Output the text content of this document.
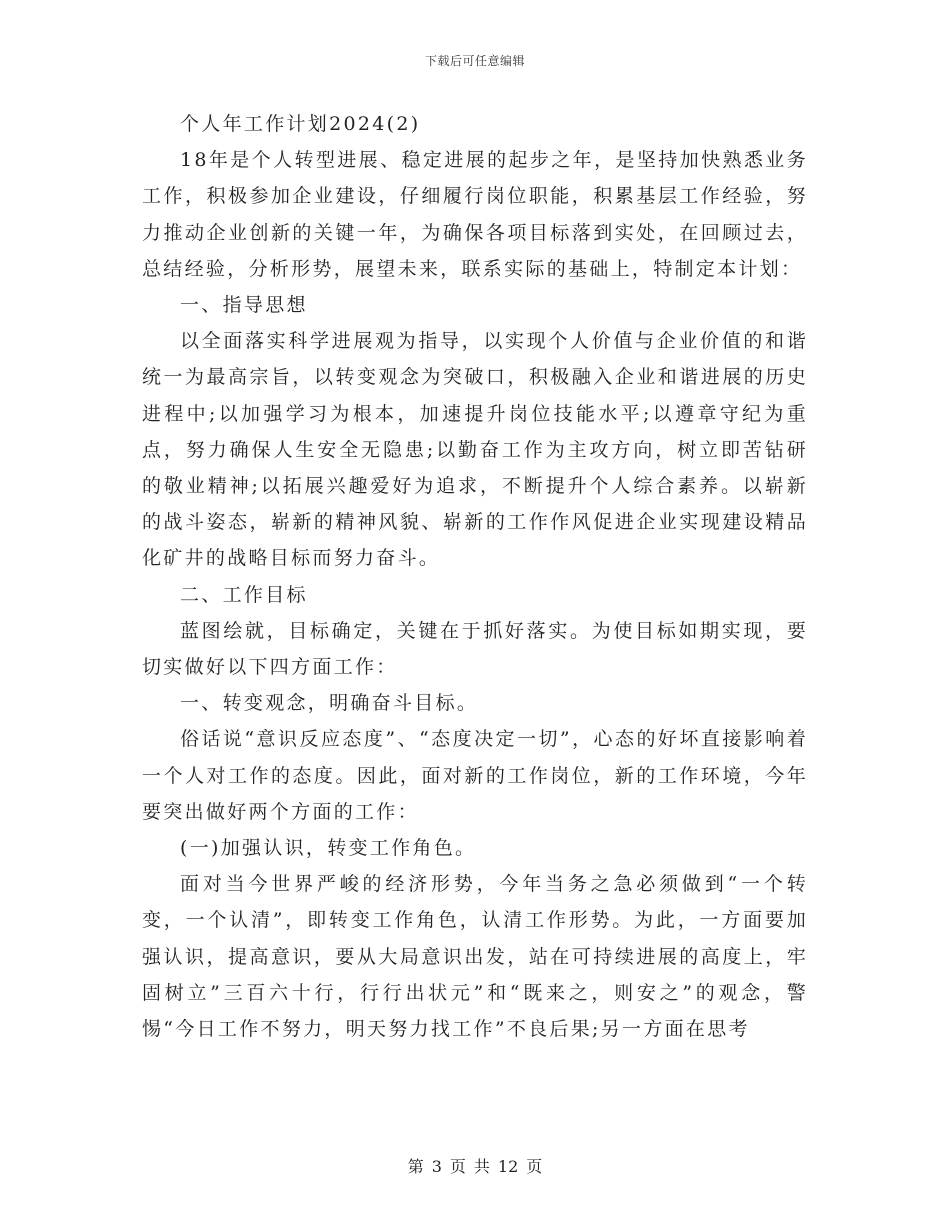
下载后可任意编辑

个人年工作计划2024(2)

18年是个人转型进展、稳定进展的起步之年，是坚持加快熟悉业务工作，积极参加企业建设，仔细履行岗位职能，积累基层工作经验，努力推动企业创新的关键一年，为确保各项目标落到实处，在回顾过去，总结经验，分析形势，展望未来，联系实际的基础上，特制定本计划：

一、指导思想

以全面落实科学进展观为指导，以实现个人价值与企业价值的和谐统一为最高宗旨，以转变观念为突破口，积极融入企业和谐进展的历史进程中;以加强学习为根本，加速提升岗位技能水平;以遵章守纪为重点，努力确保人生安全无隐患;以勤奋工作为主攻方向，树立即苦钻研的敬业精神;以拓展兴趣爱好为追求，不断提升个人综合素养。以崭新的战斗姿态，崭新的精神风貌、崭新的工作作风促进企业实现建设精品化矿井的战略目标而努力奋斗。

二、工作目标

蓝图绘就，目标确定，关键在于抓好落实。为使目标如期实现，要切实做好以下四方面工作：

一、转变观念，明确奋斗目标。

俗话说“意识反应态度”、“态度决定一切”，心态的好坏直接影响着一个人对工作的态度。因此，面对新的工作岗位，新的工作环境，今年要突出做好两个方面的工作：

(一)加强认识，转变工作角色。

面对当今世界严峻的经济形势，今年当务之急必须做到“一个转变，一个认清”，即转变工作角色，认清工作形势。为此，一方面要加强认识，提高意识，要从大局意识出发，站在可持续进展的高度上，牢固树立”三百六十行，行行出状元”和“既来之，则安之”的观念，警惕“今日工作不努力，明天努力找工作”不良后果;另一方面在思考

第 3 页 共 12 页
